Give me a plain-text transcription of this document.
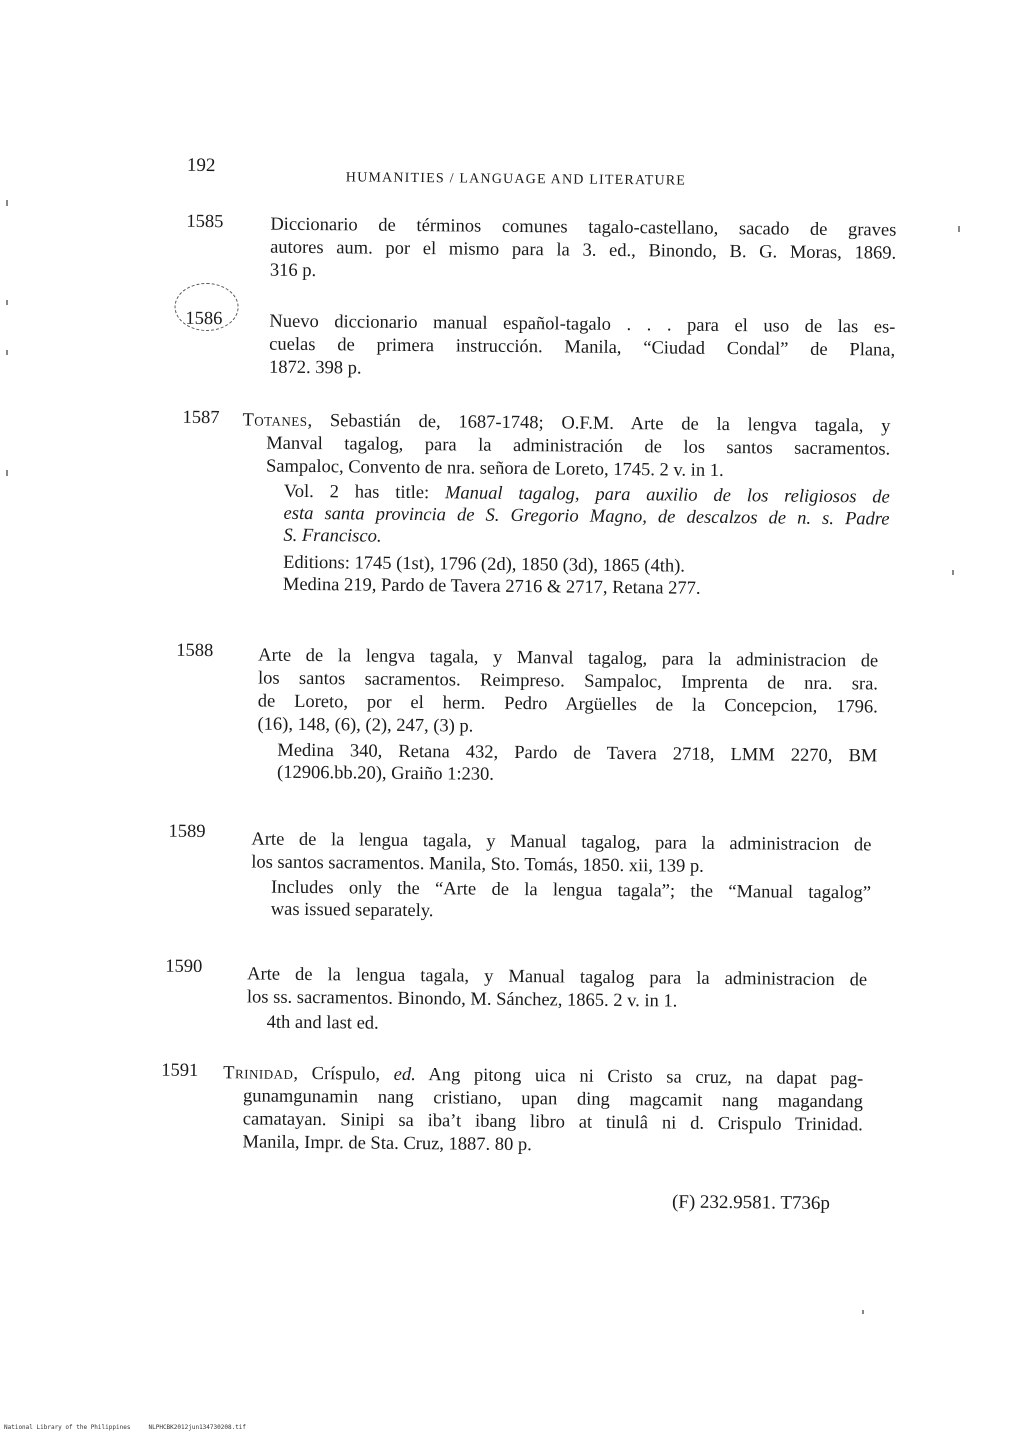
192
HUMANITIES / LANGUAGE AND LITERATURE
1585	Diccionario de términos comunes tagalo-castellano, sacado de graves
autores aum. por el mismo para la 3. ed., Binondo, B. G. Moras, 1869.
316 p.
1586	Nuevo diccionario manual español-tagalo . . . para el uso de las es-
cuelas de primera instrucción. Manila, “Ciudad Condal” de Plana,
1872. 398 p.
1587 Totanes, Sebastián de, 1687-1748; O.F.M. Arte de la lengva tagala, y
Manval tagalog, para la administración de los santos sacramentos.
Sampaloc, Convento de nra. señora de Loreto, 1745. 2 v. in 1.
Vol. 2 has title: Manual tagalog, para auxilio de los religiosos de
esta santa provincia de S. Gregorio Magno, de descalzos de n. s. Padre
S. Francisco.
Editions: 1745 (1st), 1796 (2d), 1850 (3d), 1865 (4th).
Medina 219, Pardo de Tavera 2716 & 2717, Retana 277.
1588 Arte de la lengva tagala, y Manval tagalog, para la administracion de
los santos sacramentos. Reimpreso. Sampaloc, Imprenta de nra. sra.
de Loreto, por el herm. Pedro Argüelles de la Concepcion, 1796.
(16), 148, (6), (2), 247, (3) p.
Medina 340, Retana 432, Pardo de Tavera 2718, LMM 2270, BM
(12906.bb.20), Graiño 1:230.
1589 Arte de la lengua tagala, y Manual tagalog, para la administracion de
los santos sacramentos. Manila, Sto. Tomás, 1850. xii, 139 p.
Includes only the “Arte de la lengua tagala”; the “Manual tagalog”
was issued separately.
1590 Arte de la lengua tagala, y Manual tagalog para la administracion de
los ss. sacramentos. Binondo, M. Sánchez, 1865. 2 v. in 1.
4th and last ed.
1591 Trinidad, Críspulo, ed. Ang pitong uica ni Cristo sa cruz, na dapat pag-
gunamgunamin nang cristiano, upan ding magcamit nang magandang
camatayan. Sinipi sa iba’t ibang libro at tinulâ ni d. Crispulo Trinidad.
Manila, Impr. de Sta. Cruz, 1887. 80 p.
(F) 232.9581. T736p
National Library of the Philippines     NLPHCBK2012jun134730208.tif
